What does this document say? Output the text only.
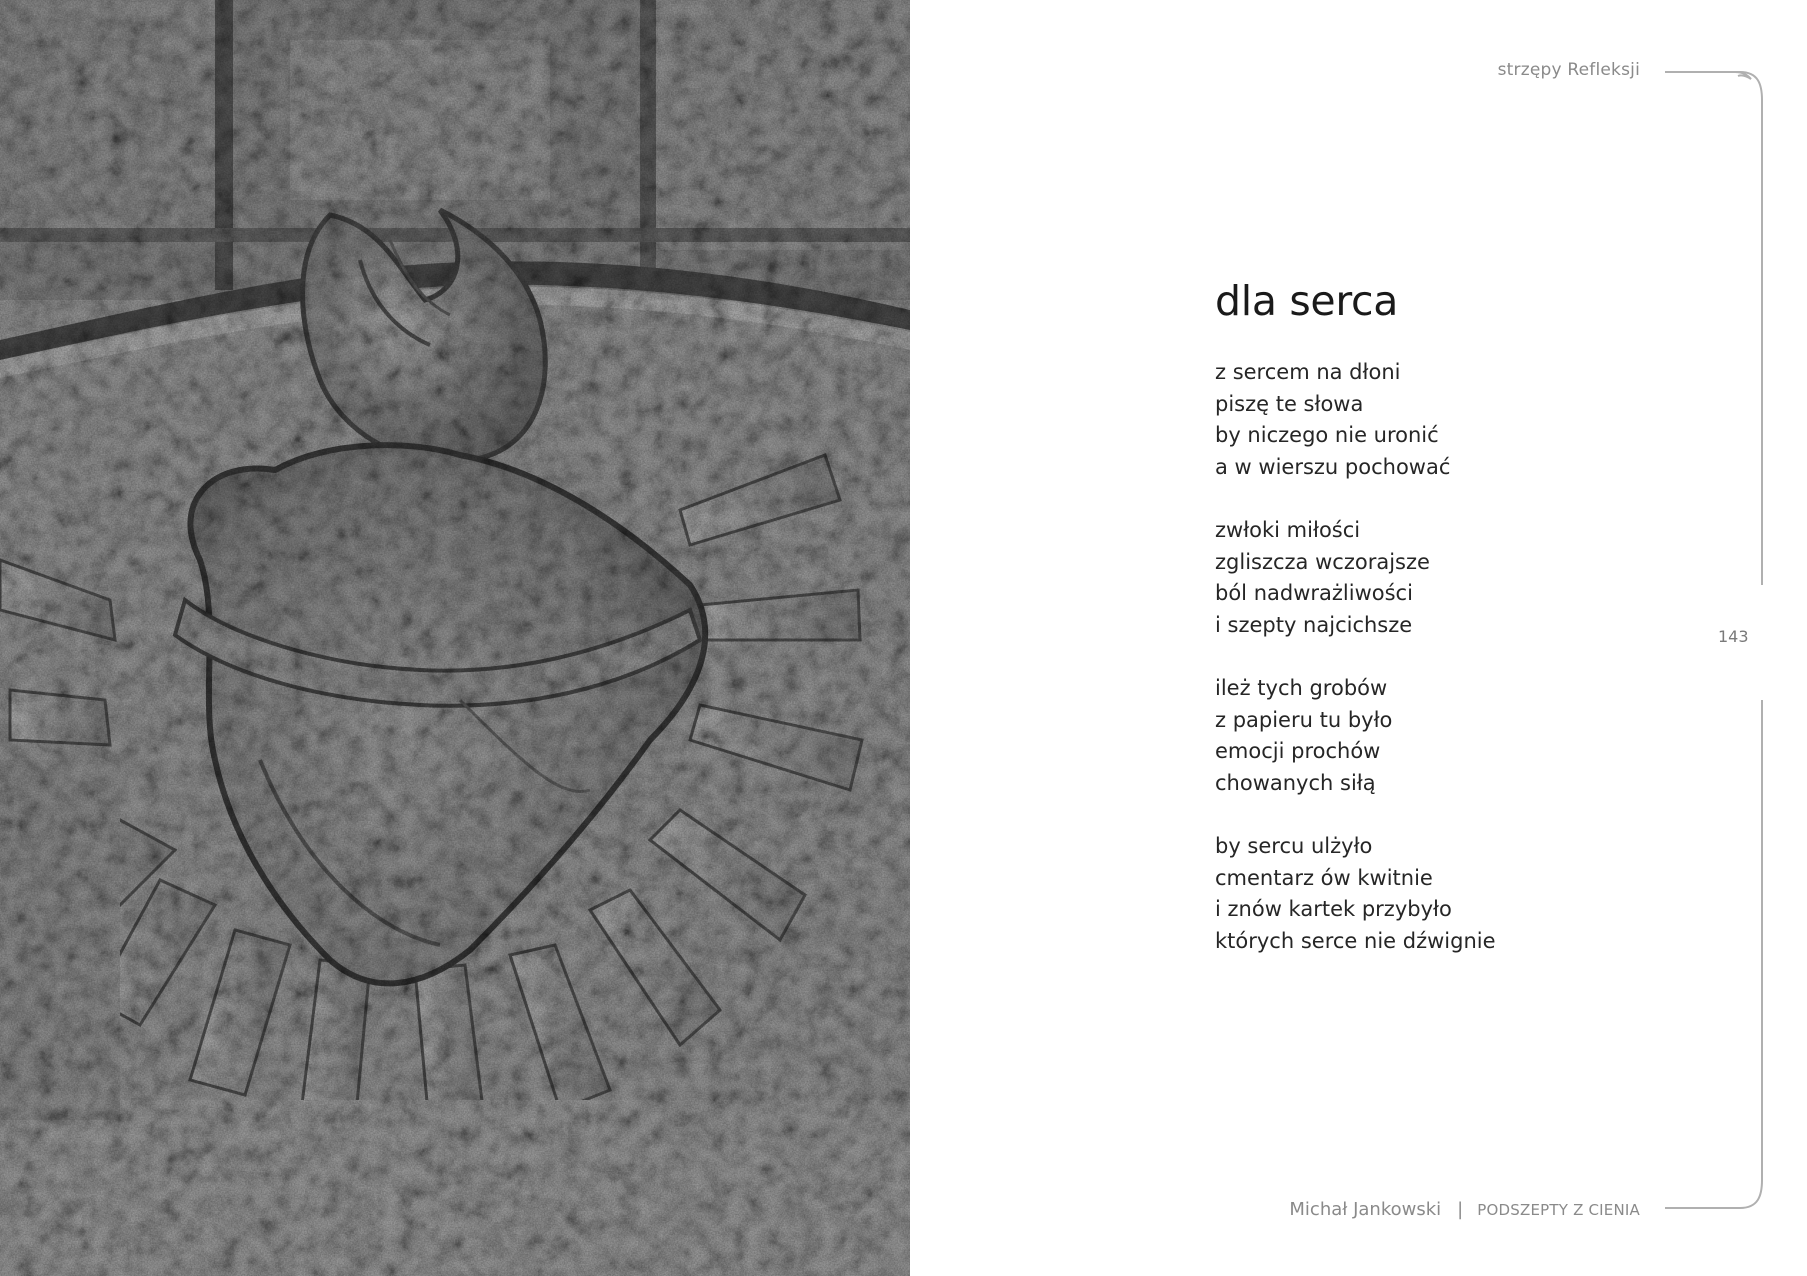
strzępy Refleksji
143
dla serca
z sercem na dłoni
piszę te słowa
by niczego nie uronić
a w wierszu pochować
zwłoki miłości
zgliszcza wczorajsze
ból nadwrażliwości
i szepty najcichsze
ileż tych grobów
z papieru tu było
emocji prochów
chowanych siłą
by sercu ulżyło
cmentarz ów kwitnie
i znów kartek przybyło
których serce nie dźwignie
Michał Jankowski | PODSZEPTY Z CIENIA
